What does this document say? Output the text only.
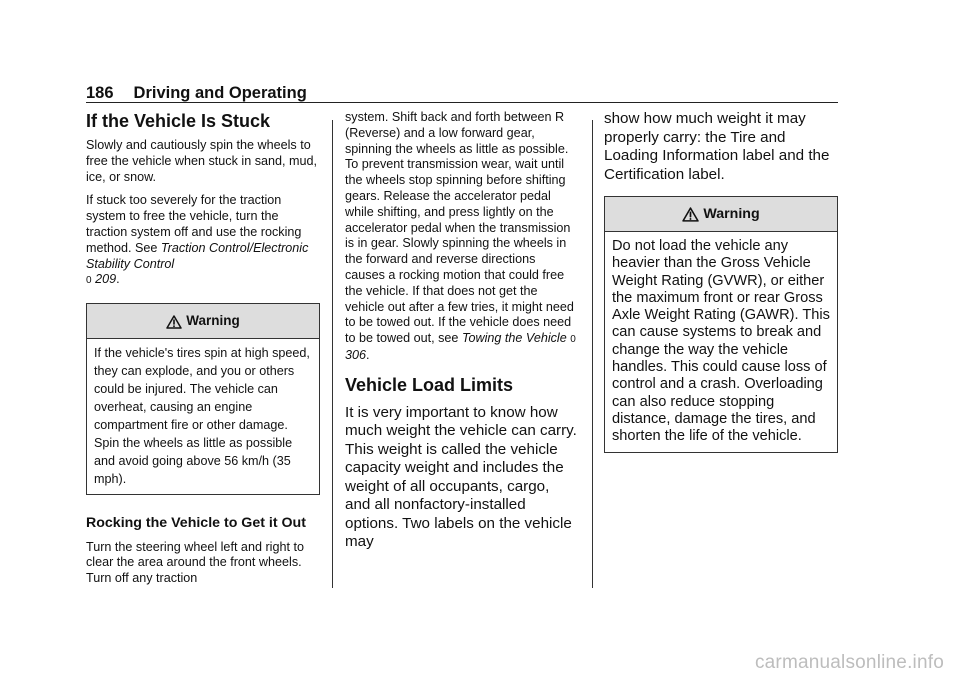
186 Driving and Operating
If the Vehicle Is Stuck

Slowly and cautiously spin the wheels to free the vehicle when stuck in sand, mud, ice, or snow.

If stuck too severely for the traction system to free the vehicle, turn the traction system off and use the rocking method. See Traction Control/Electronic Stability Control
0 209.

Warning
If the vehicle's tires spin at high speed, they can explode, and you or others could be injured. The vehicle can overheat, causing an engine compartment fire or other damage. Spin the wheels as little as possible and avoid going above 56 km/h (35 mph).
Rocking the Vehicle to Get it Out

Turn the steering wheel left and right to clear the area around the front wheels. Turn off any traction

system. Shift back and forth between R (Reverse) and a low forward gear, spinning the wheels as little as possible. To prevent transmission wear, wait until the wheels stop spinning before shifting gears. Release the accelerator pedal while shifting, and press lightly on the accelerator pedal when the transmission is in gear. Slowly spinning the wheels in the forward and reverse directions causes a rocking motion that could free the vehicle. If that does not get the vehicle out after a few tries, it might need to be towed out. If the vehicle does need to be towed out, see Towing the Vehicle 0 306.

Vehicle Load Limits

It is very important to know how much weight the vehicle can carry. This weight is called the vehicle capacity weight and includes the weight of all occupants, cargo, and all nonfactory-installed options. Two labels on the vehicle may

show how much weight it may properly carry: the Tire and Loading Information label and the Certification label.

Warning
Do not load the vehicle any heavier than the Gross Vehicle Weight Rating (GVWR), or either the maximum front or rear Gross Axle Weight Rating (GAWR). This can cause systems to break and change the way the vehicle handles. This could cause loss of control and a crash. Overloading can also reduce stopping distance, damage the tires, and shorten the life of the vehicle.
carmanualsonline.info
